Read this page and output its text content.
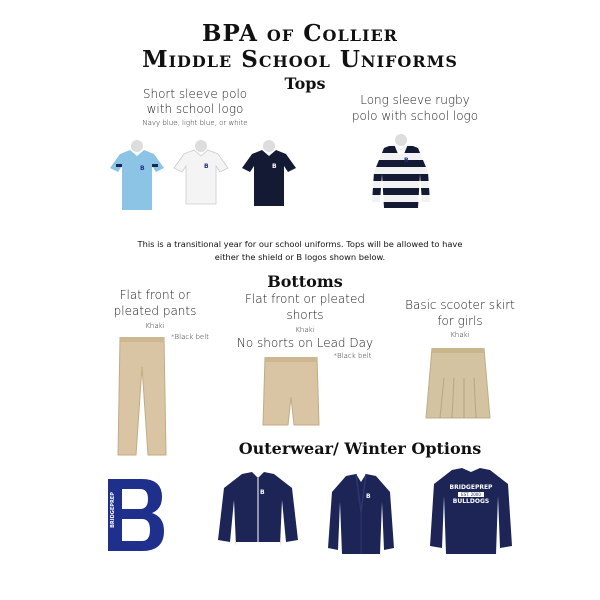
BPA of Collier
Middle School Uniforms
Tops
Short sleeve polo
with school logo
Navy blue, light blue, or white
Long sleeve rugby
polo with school logo
B	B	B
B
This is a transitional year for our school uniforms. Tops will be allowed to have
either the shield or B logos shown below.
Bottoms
Flat front or
pleated pants
Khaki
*Black belt
Flat front or pleated
shorts
Khaki
No shorts on Lead Day
*Black belt
Basic scooter skirt
for girls
Khaki
Outerwear/ Winter Options
BRIDGEPREP	B
B
BRIDGEPREP
EST. 2000
BULLDOGS
